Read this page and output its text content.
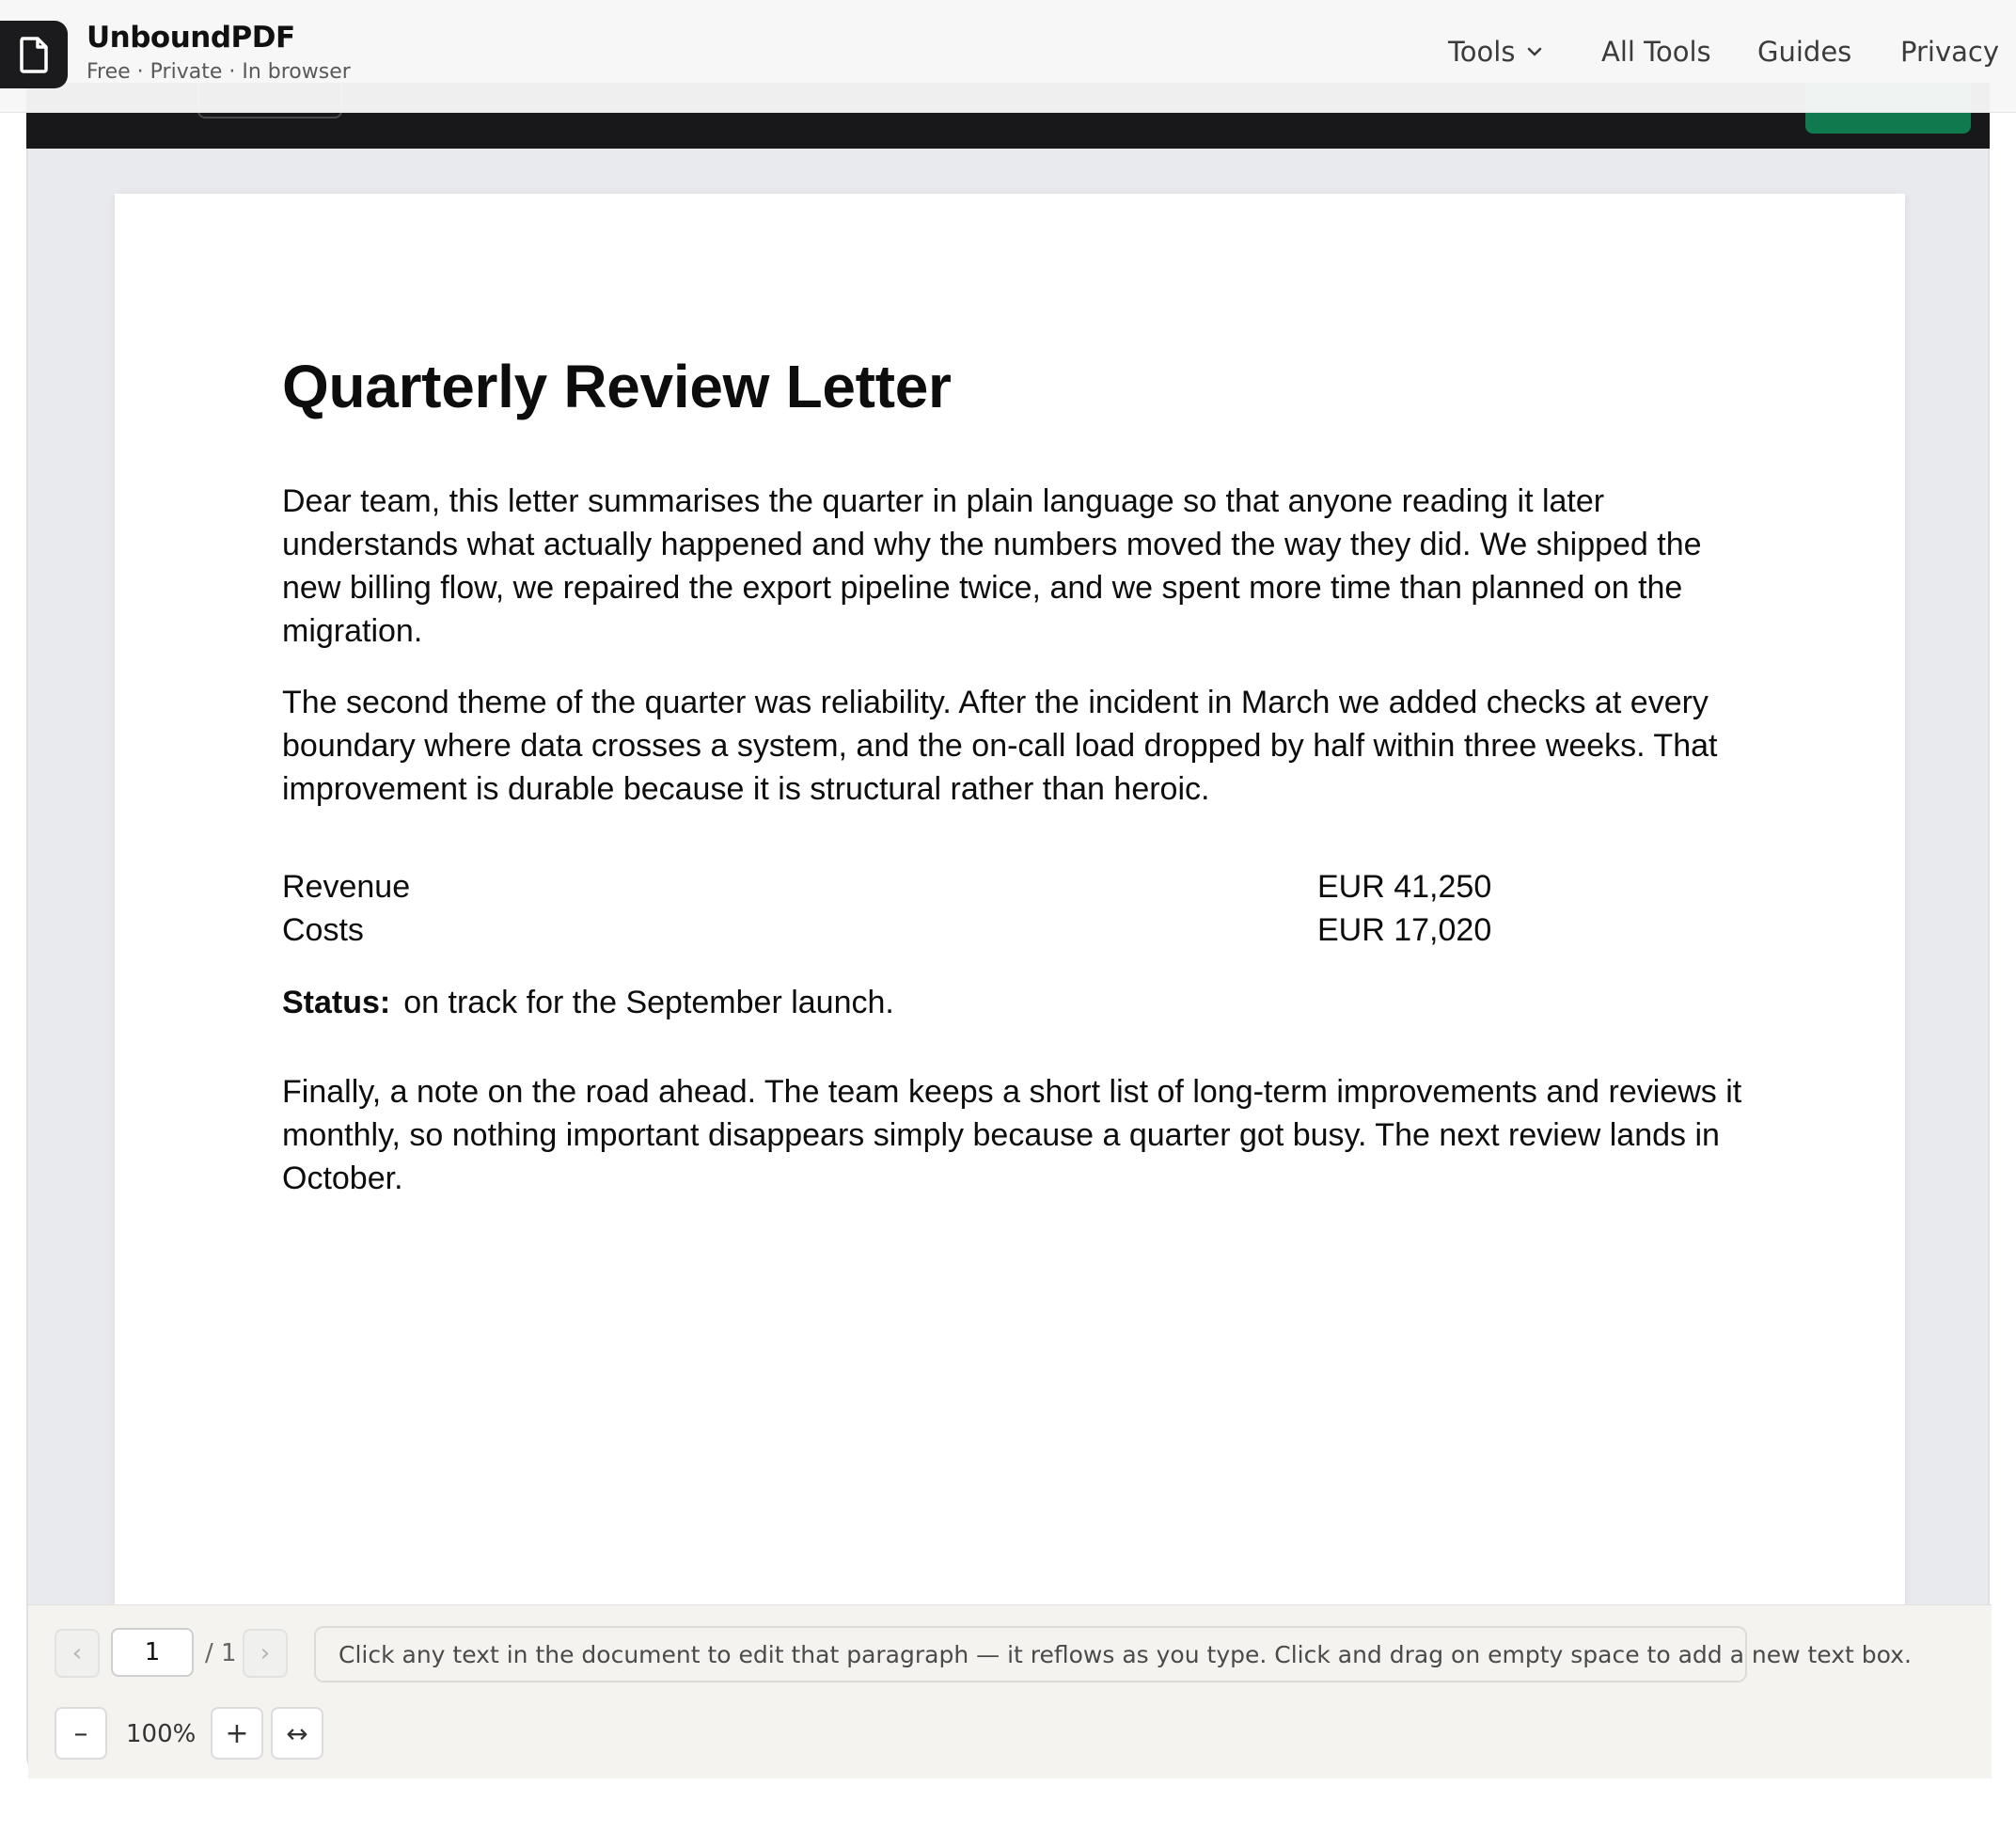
UnboundPDF
Free · Private · In browser
Tools	All Tools Guides Privacy
Quarterly Review Letter

Dear team, this letter summarises the quarter in plain language so that anyone reading it later understands what actually happened and why the numbers moved the way they did. We shipped the new billing flow, we repaired the export pipeline twice, and we spent more time than planned on the migration.

The second theme of the quarter was reliability. After the incident in March we added checks at every boundary where data crosses a system, and the on-call load dropped by half within three weeks. That improvement is durable because it is structural rather than heroic.

Revenue	EUR 41,250
Costs	EUR 17,020
Status: on track for the September launch.

Finally, a note on the road ahead. The team keeps a short list of long-term improvements and reviews it monthly, so nothing important disappears simply because a quarter got busy. The next review lands in October.

‹
1	/ 1 ›	Click any text in the document to edit that paragraph — it reflows as you type. Click and drag on empty space to add a new text box.
–	100%	+	↔
